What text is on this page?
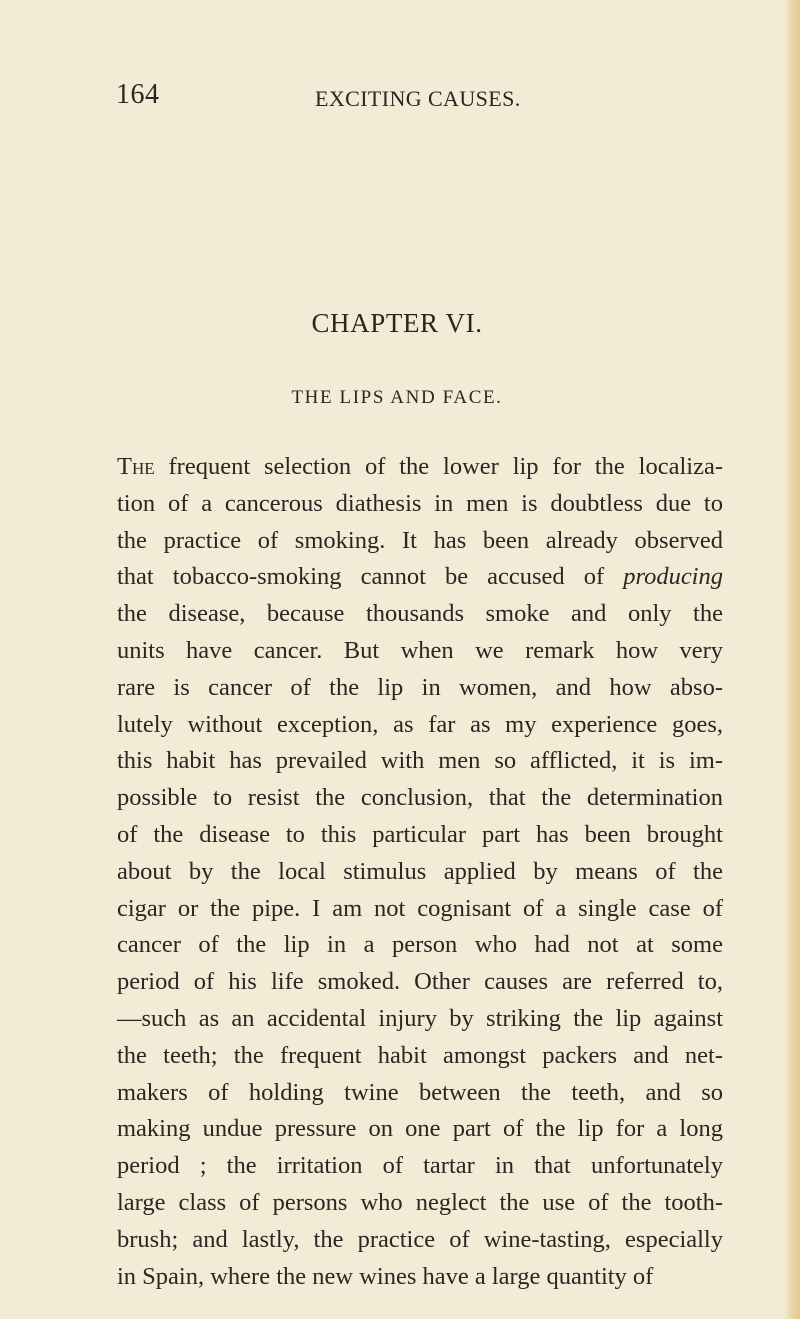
164	EXCITING CAUSES.
CHAPTER VI.
THE LIPS AND FACE.
The frequent selection of the lower lip for the localiza-
tion of a cancerous diathesis in men is doubtless due to
the practice of smoking. It has been already observed
that tobacco-smoking cannot be accused of producing
the disease, because thousands smoke and only the
units have cancer. But when we remark how very
rare is cancer of the lip in women, and how abso-
lutely without exception, as far as my experience goes,
this habit has prevailed with men so afflicted, it is im-
possible to resist the conclusion, that the determination
of the disease to this particular part has been brought
about by the local stimulus applied by means of the
cigar or the pipe. I am not cognisant of a single case of
cancer of the lip in a person who had not at some
period of his life smoked. Other causes are referred to,
—such as an accidental injury by striking the lip against
the teeth; the frequent habit amongst packers and net-
makers of holding twine between the teeth, and so
making undue pressure on one part of the lip for a long
period ; the irritation of tartar in that unfortunately
large class of persons who neglect the use of the tooth-
brush; and lastly, the practice of wine-tasting, especially
in Spain, where the new wines have a large quantity of
